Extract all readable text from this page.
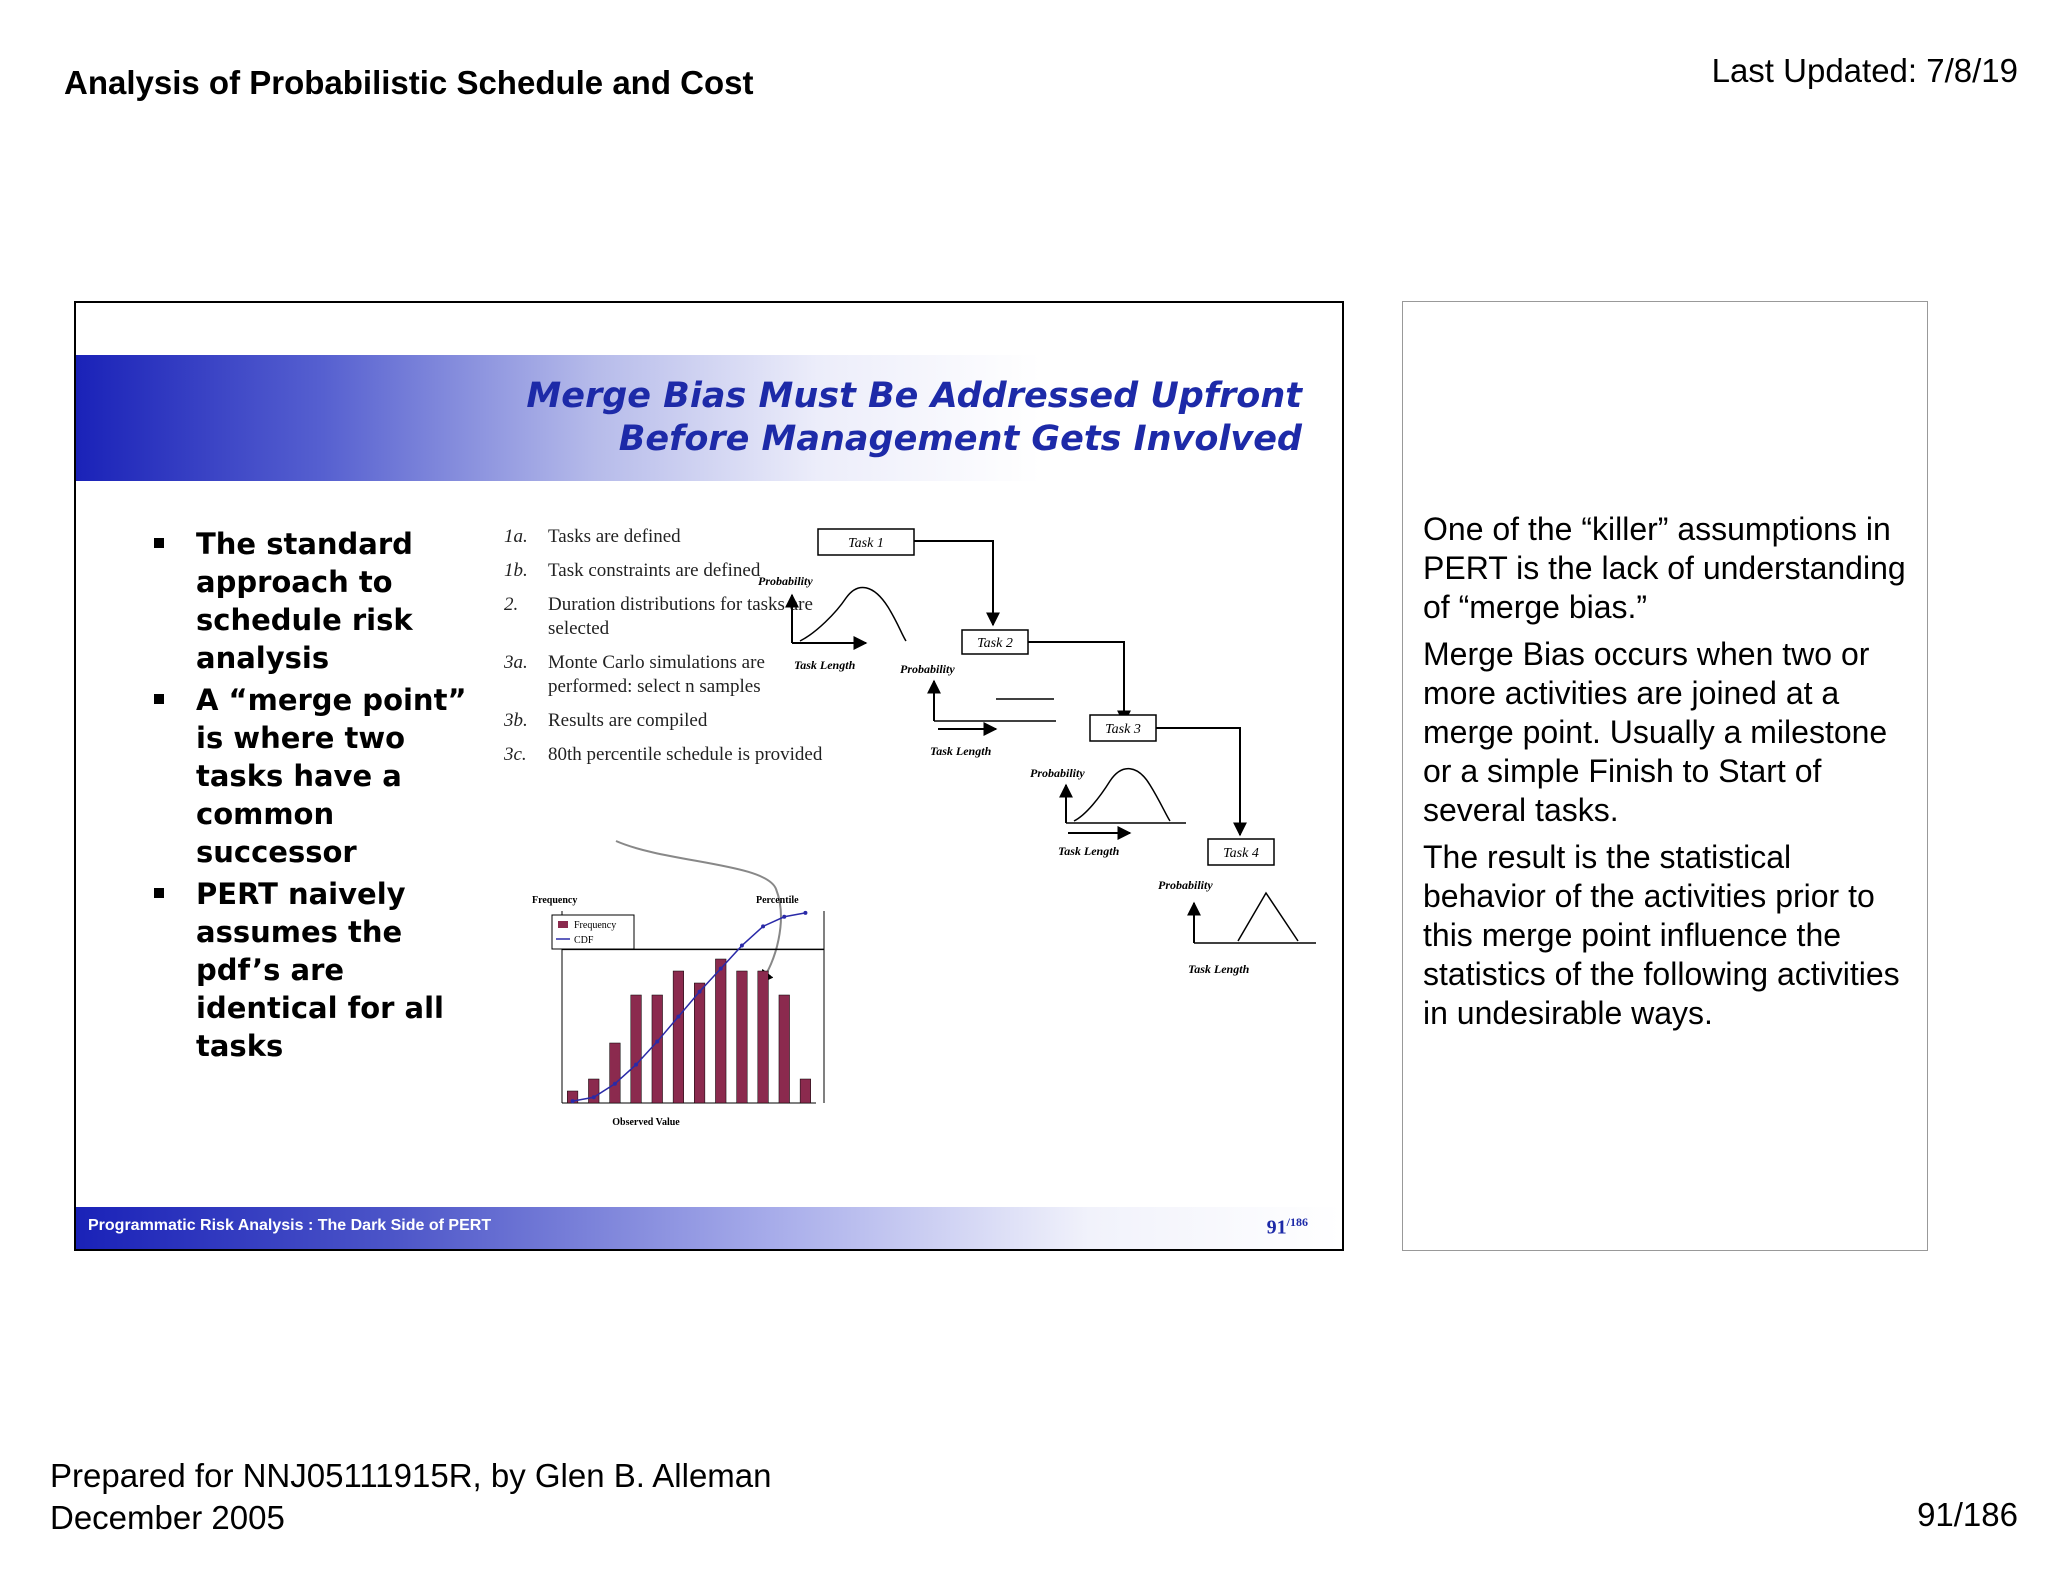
Analysis of Probabilistic Schedule and Cost	Last Updated: 7/8/19
Merge Bias Must Be Addressed Upfront
Before Management Gets Involved
The standard approach to schedule risk analysis
A “merge point” is where two tasks have a common successor
PERT naively assumes the pdf’s are identical for all tasks
1a. Tasks are defined
1b. Task constraints are defined
2. Duration distributions for tasks are selected
3a. Monte Carlo simulations are performed: select n samples
3b. Results are compiled
3c. 80th percentile schedule is provided
Task 1
Task 2
Task 3
Task 4
Probability
Task Length	Probability
Task Length
Probability
Task Length
Probability
Task Length
Frequency	Percentile
Observed Value
Frequency
CDF
Programmatic Risk Analysis : The Dark Side of PERT	$91^{/186}$

One of the “killer” assumptions in PERT is the lack of understanding of “merge bias.”

Merge Bias occurs when two or more activities are joined at a merge point. Usually a milestone or a simple Finish to Start of several tasks.

The result is the statistical behavior of the activities prior to this merge point influence the statistics of the following activities in undesirable ways.

Prepared for NNJ05111915R, by Glen B. Alleman
December 2005	91/186
